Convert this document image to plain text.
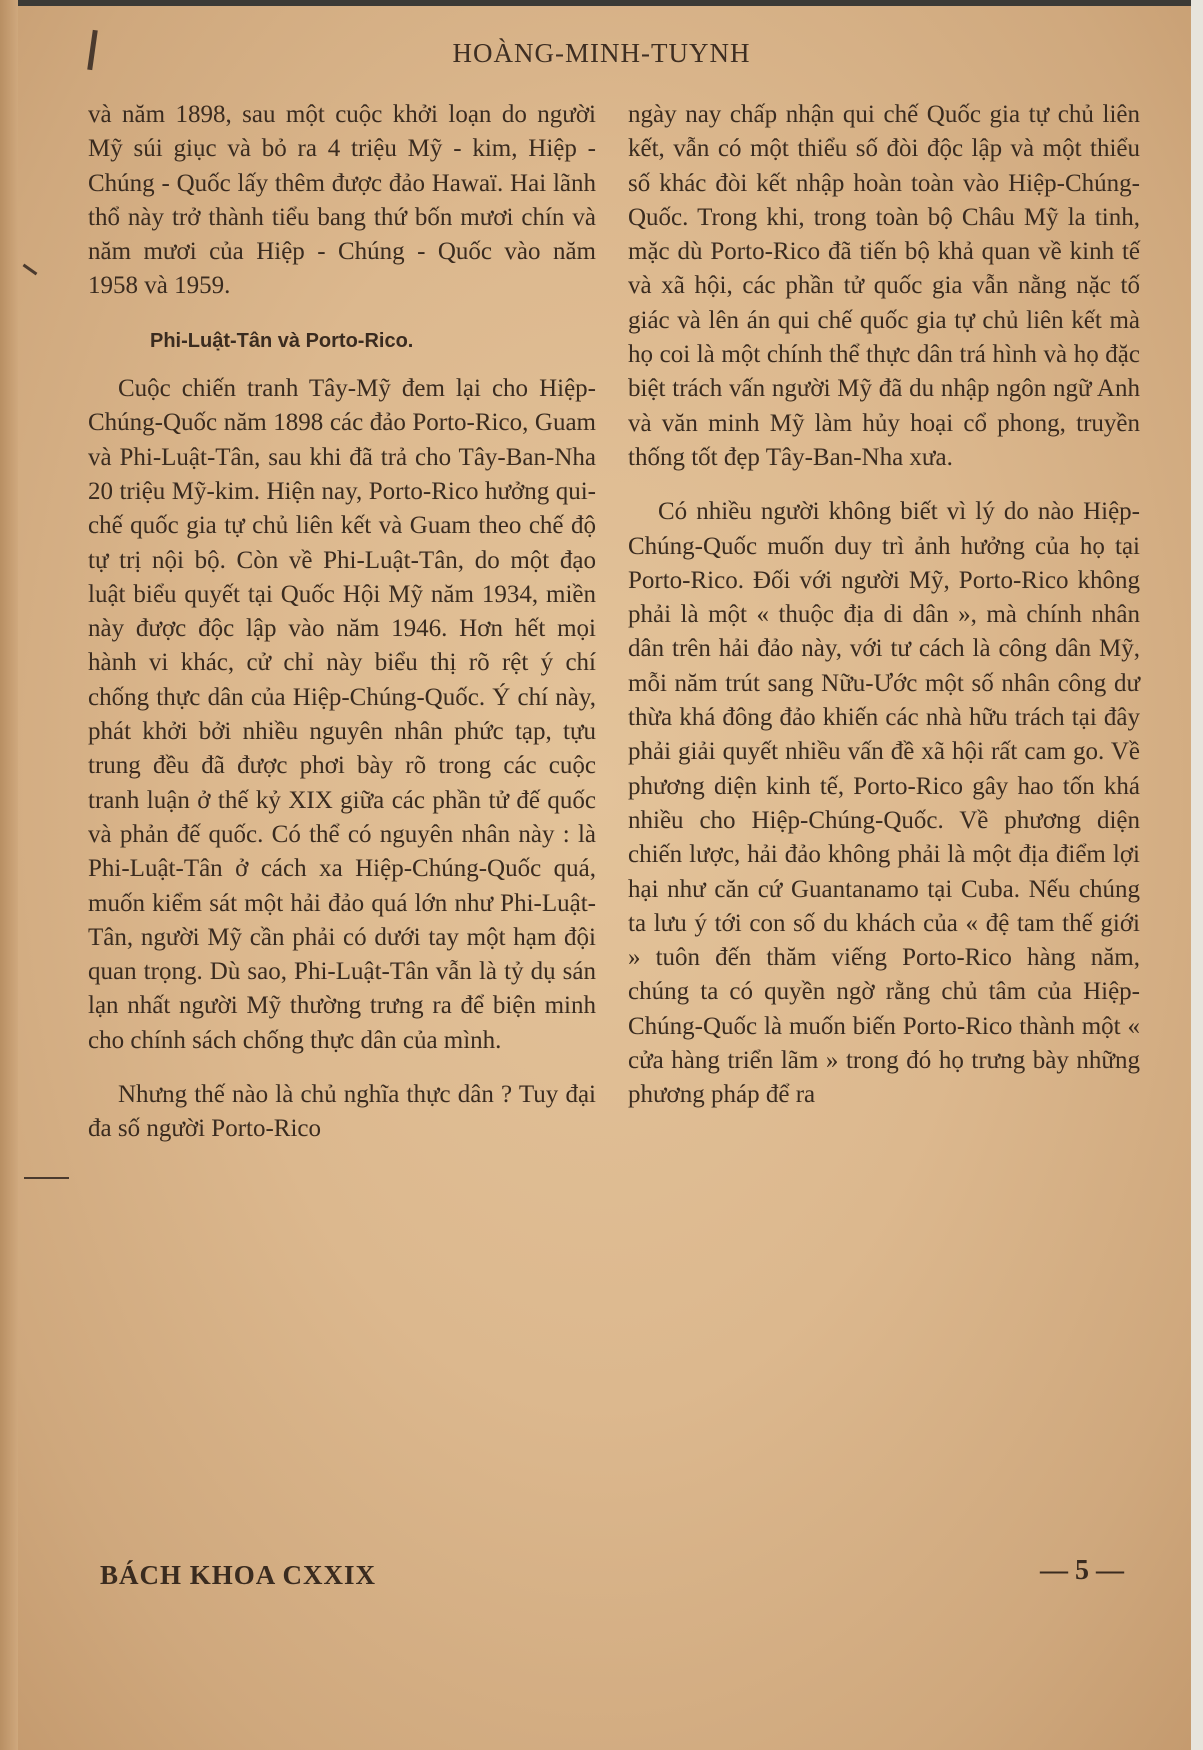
HOÀNG-MINH-TUYNH

và năm 1898, sau một cuộc khởi loạn do người Mỹ súi giục và bỏ ra 4 triệu Mỹ - kim, Hiệp - Chúng - Quốc lấy thêm được đảo Hawaï. Hai lãnh thổ này trở thành tiểu bang thứ bốn mươi chín và năm mươi của Hiệp - Chúng - Quốc vào năm 1958 và 1959.

Phi-Luật-Tân và Porto-Rico.

Cuộc chiến tranh Tây-Mỹ đem lại cho Hiệp-Chúng-Quốc năm 1898 các đảo Porto-Rico, Guam và Phi-Luật-Tân, sau khi đã trả cho Tây-Ban-Nha 20 triệu Mỹ-kim. Hiện nay, Porto-Rico hưởng qui-chế quốc gia tự chủ liên kết và Guam theo chế độ tự trị nội bộ. Còn về Phi-Luật-Tân, do một đạo luật biểu quyết tại Quốc Hội Mỹ năm 1934, miền này được độc lập vào năm 1946. Hơn hết mọi hành vi khác, cử chỉ này biểu thị rõ rệt ý chí chống thực dân của Hiệp-Chúng-Quốc. Ý chí này, phát khởi bởi nhiều nguyên nhân phức tạp, tựu trung đều đã được phơi bày rõ trong các cuộc tranh luận ở thế kỷ XIX giữa các phần tử đế quốc và phản đế quốc. Có thể có nguyên nhân này : là Phi-Luật-Tân ở cách xa Hiệp-Chúng-Quốc quá, muốn kiểm sát một hải đảo quá lớn như Phi-Luật-Tân, người Mỹ cần phải có dưới tay một hạm đội quan trọng. Dù sao, Phi-Luật-Tân vẫn là tỷ dụ sán lạn nhất người Mỹ thường trưng ra để biện minh cho chính sách chống thực dân của mình.

Nhưng thế nào là chủ nghĩa thực dân ? Tuy đại đa số người Porto-Rico

ngày nay chấp nhận qui chế Quốc gia tự chủ liên kết, vẫn có một thiểu số đòi độc lập và một thiểu số khác đòi kết nhập hoàn toàn vào Hiệp-Chúng-Quốc. Trong khi, trong toàn bộ Châu Mỹ la tinh, mặc dù Porto-Rico đã tiến bộ khả quan về kinh tế và xã hội, các phần tử quốc gia vẫn nằng nặc tố giác và lên án qui chế quốc gia tự chủ liên kết mà họ coi là một chính thể thực dân trá hình và họ đặc biệt trách vấn người Mỹ đã du nhập ngôn ngữ Anh và văn minh Mỹ làm hủy hoại cổ phong, truyền thống tốt đẹp Tây-Ban-Nha xưa.

Có nhiều người không biết vì lý do nào Hiệp-Chúng-Quốc muốn duy trì ảnh hưởng của họ tại Porto-Rico. Đối với người Mỹ, Porto-Rico không phải là một « thuộc địa di dân », mà chính nhân dân trên hải đảo này, với tư cách là công dân Mỹ, mỗi năm trút sang Nữu-Ước một số nhân công dư thừa khá đông đảo khiến các nhà hữu trách tại đây phải giải quyết nhiều vấn đề xã hội rất cam go. Về phương diện kinh tế, Porto-Rico gây hao tốn khá nhiều cho Hiệp-Chúng-Quốc. Về phương diện chiến lược, hải đảo không phải là một địa điểm lợi hại như căn cứ Guantanamo tại Cuba. Nếu chúng ta lưu ý tới con số du khách của « đệ tam thế giới » tuôn đến thăm viếng Porto-Rico hàng năm, chúng ta có quyền ngờ rằng chủ tâm của Hiệp-Chúng-Quốc là muốn biến Porto-Rico thành một « cửa hàng triển lãm » trong đó họ trưng bày những phương pháp để ra

BÁCH KHOA CXXIX	— 5 —
